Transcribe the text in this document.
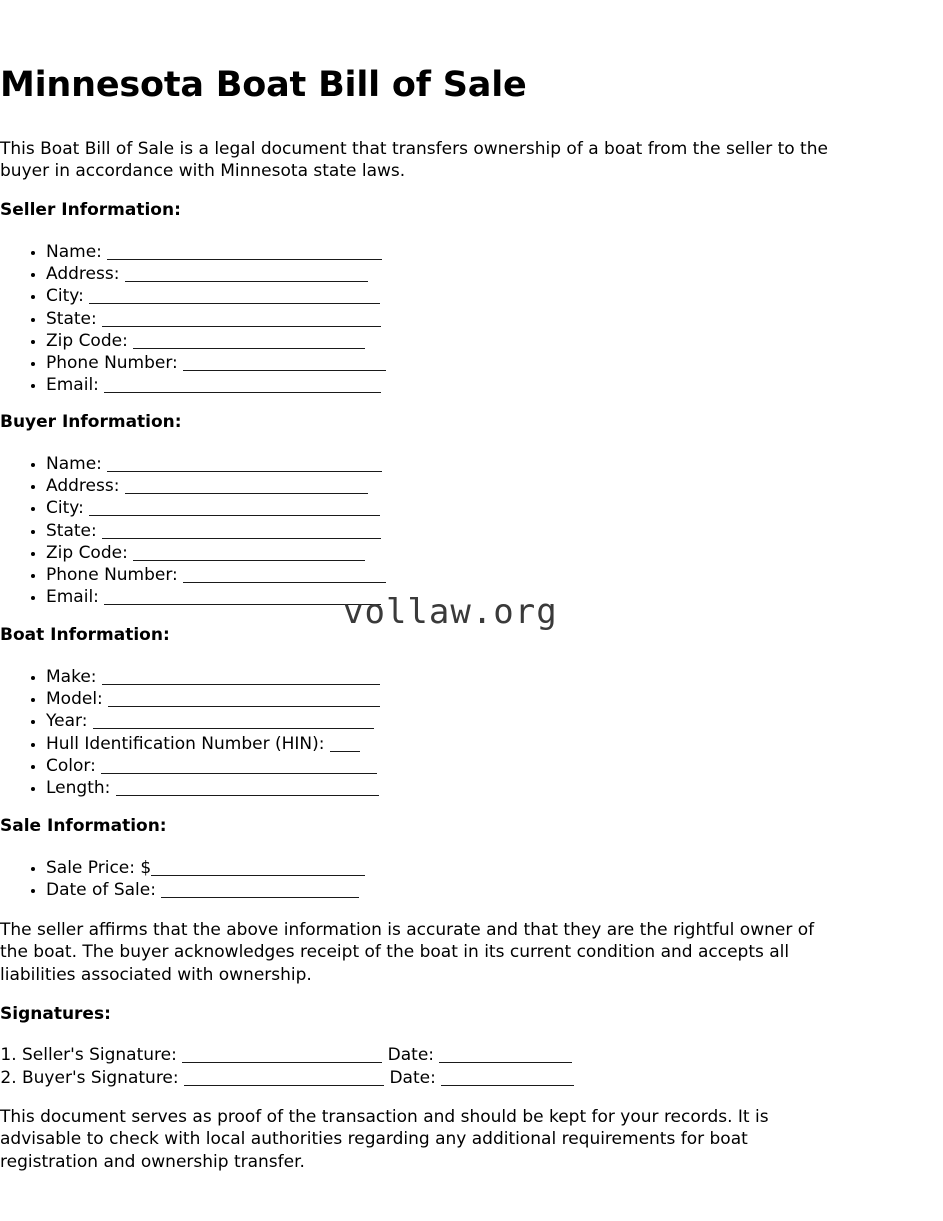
Minnesota Boat Bill of Sale

This Boat Bill of Sale is a legal document that transfers ownership of a boat from the seller to the buyer in accordance with Minnesota state laws.

Seller Information:
• Name:
• Address:
• City:
• State:
• Zip Code:
• Phone Number:
• Email:
Buyer Information:
• Name:
• Address:
• City:
• State:
• Zip Code:
• Phone Number:
• Email:
Boat Information:
• Make:
• Model:
• Year:
• Hull Identification Number (HIN):
• Color:
• Length:
Sale Information:
• Sale Price: $
• Date of Sale:

The seller affirms that the above information is accurate and that they are the rightful owner of the boat. The buyer acknowledges receipt of the boat in its current condition and accepts all liabilities associated with ownership.

Signatures:
1. Seller's Signature:	Date:
2. Buyer's Signature:	Date:

This document serves as proof of the transaction and should be kept for your records. It is advisable to check with local authorities regarding any additional requirements for boat registration and ownership transfer.

vollaw.org
